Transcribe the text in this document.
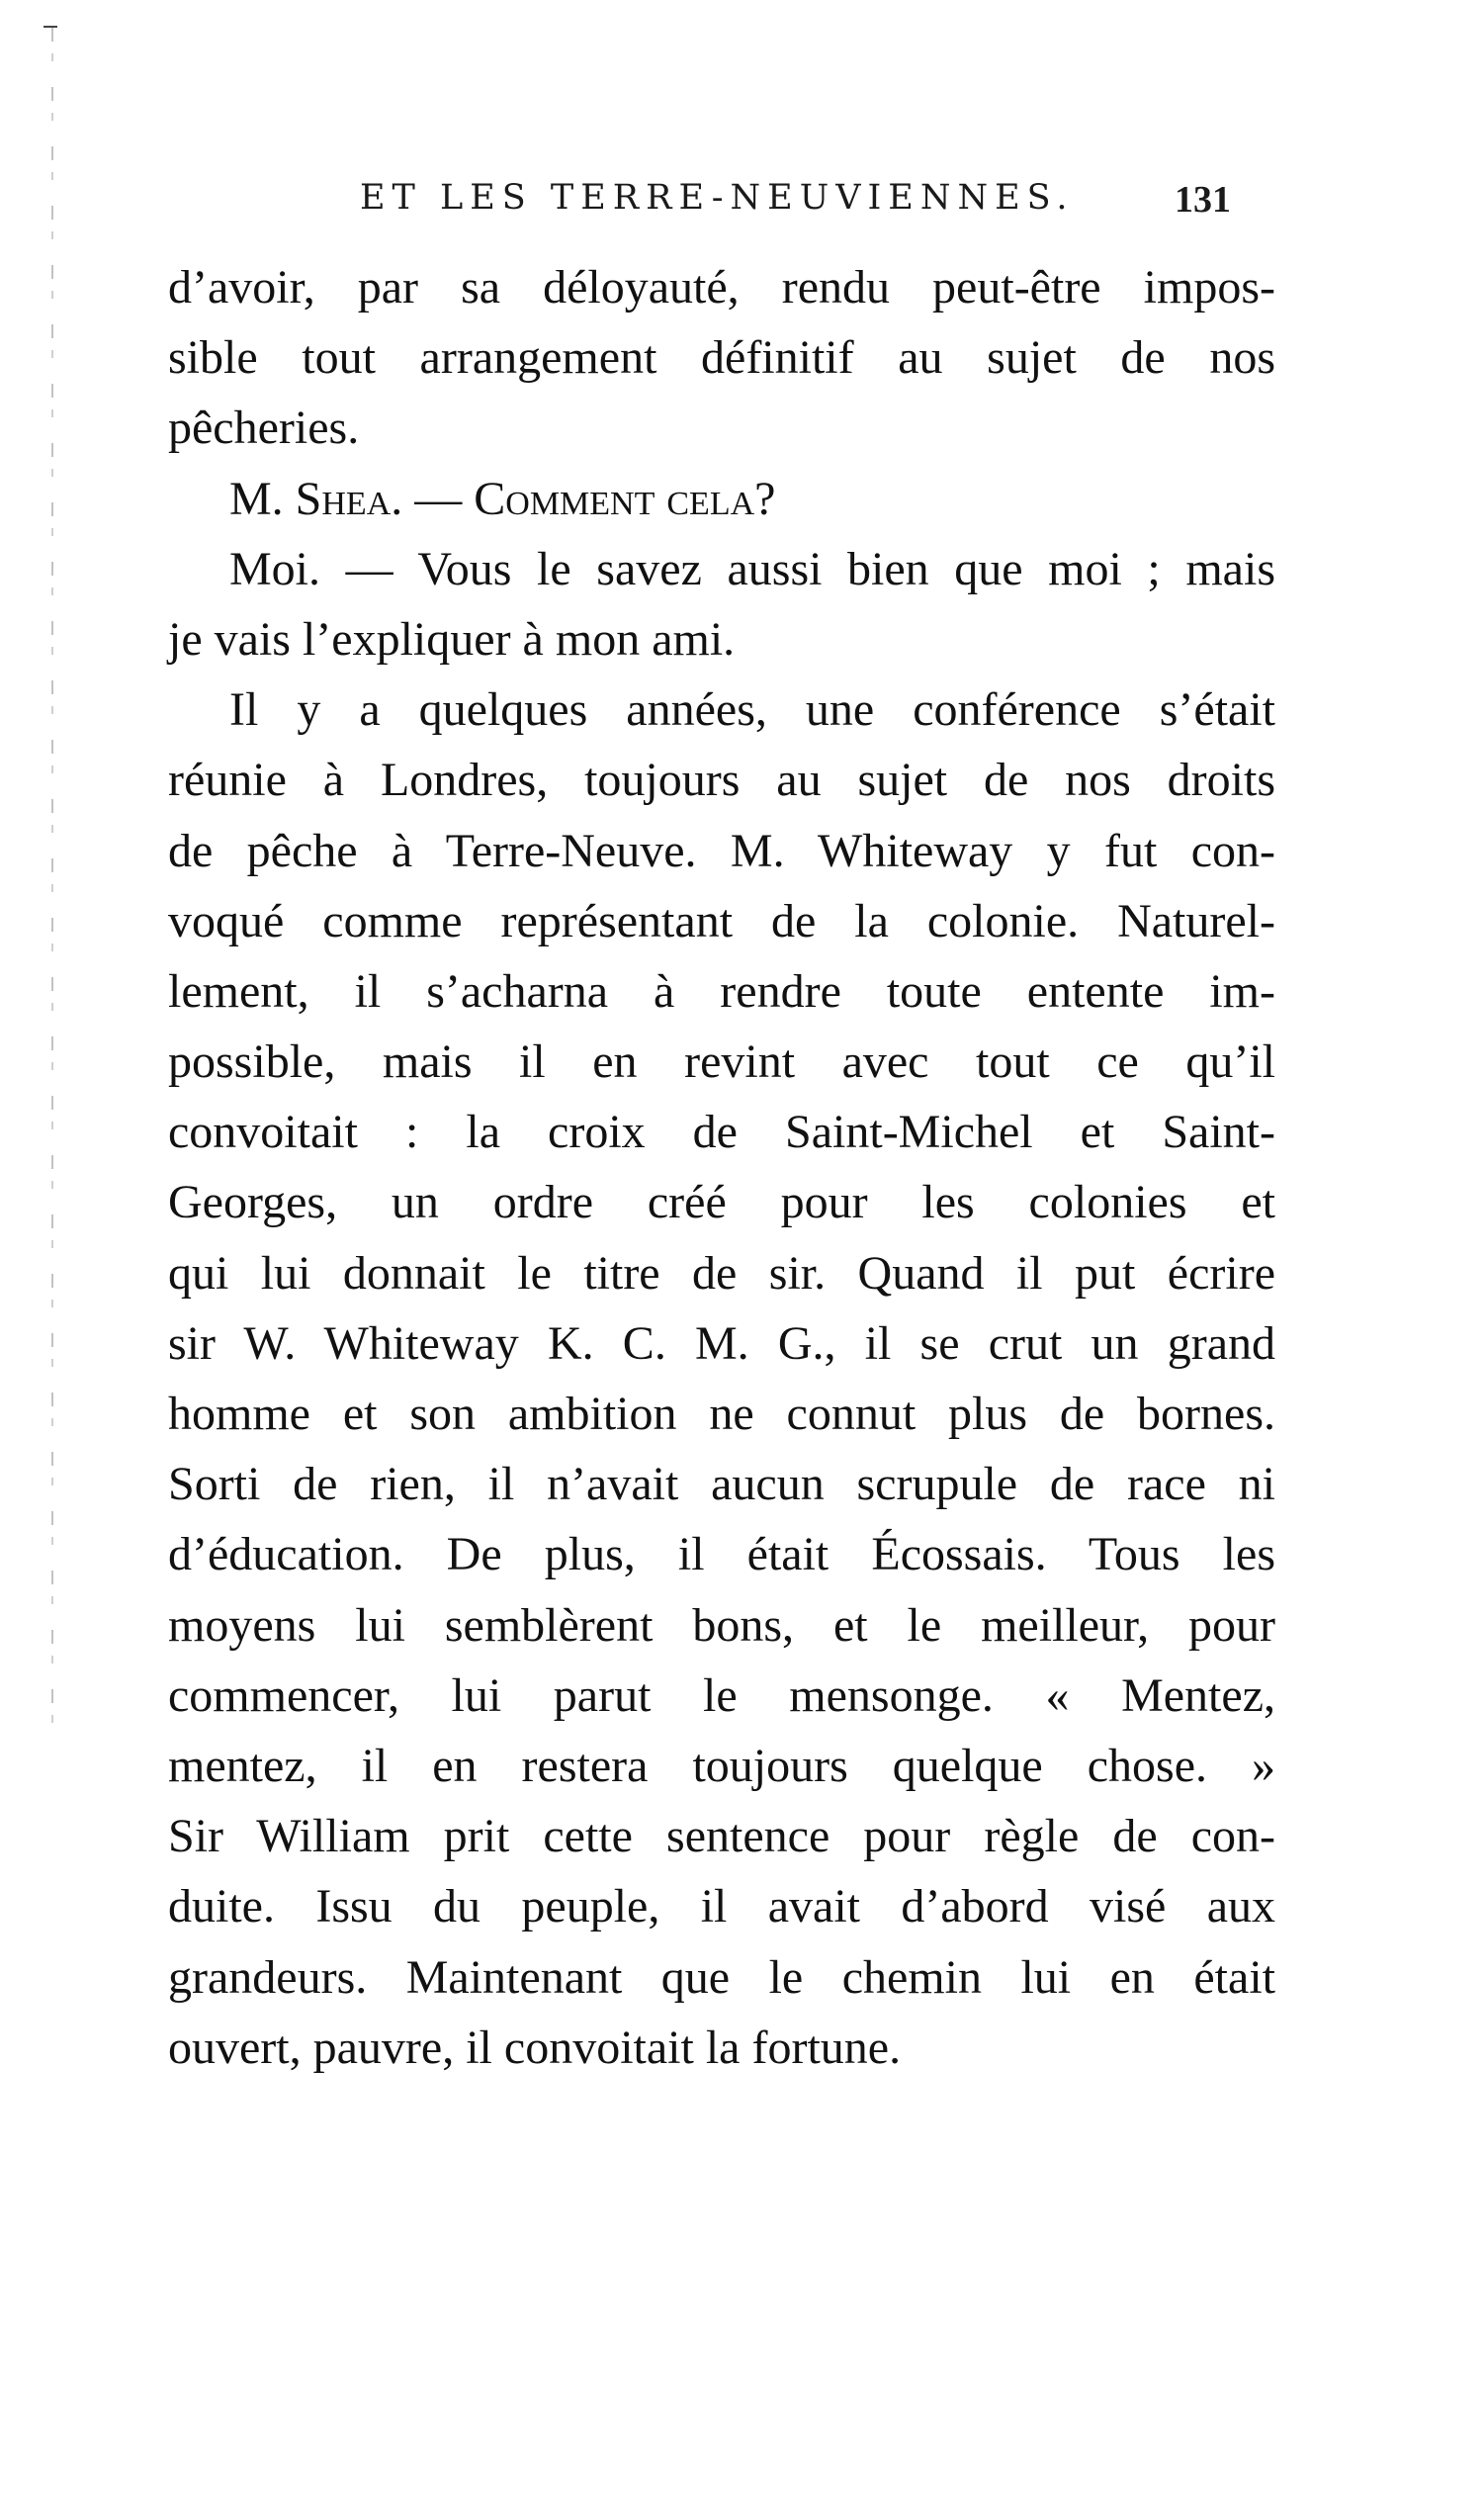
ET LES TERRE-NEUVIENNES.	131
d’avoir, par sa déloyauté, rendu peut-être impos-
sible tout arrangement définitif au sujet de nos
pêcheries.
M. Shea. — Comment cela?
Moi. — Vous le savez aussi bien que moi ; mais
je vais l’expliquer à mon ami.
Il y a quelques années, une conférence s’était
réunie à Londres, toujours au sujet de nos droits
de pêche à Terre-Neuve. M. Whiteway y fut con-
voqué comme représentant de la colonie. Naturel-
lement, il s’acharna à rendre toute entente im-
possible, mais il en revint avec tout ce qu’il
convoitait : la croix de Saint-Michel et Saint-
Georges, un ordre créé pour les colonies et
qui lui donnait le titre de sir. Quand il put écrire
sir W. Whiteway K. C. M. G., il se crut un grand
homme et son ambition ne connut plus de bornes.
Sorti de rien, il n’avait aucun scrupule de race ni
d’éducation. De plus, il était Écossais. Tous les
moyens lui semblèrent bons, et le meilleur, pour
commencer, lui parut le mensonge. « Mentez,
mentez, il en restera toujours quelque chose. »
Sir William prit cette sentence pour règle de con-
duite. Issu du peuple, il avait d’abord visé aux
grandeurs. Maintenant que le chemin lui en était
ouvert, pauvre, il convoitait la fortune.
